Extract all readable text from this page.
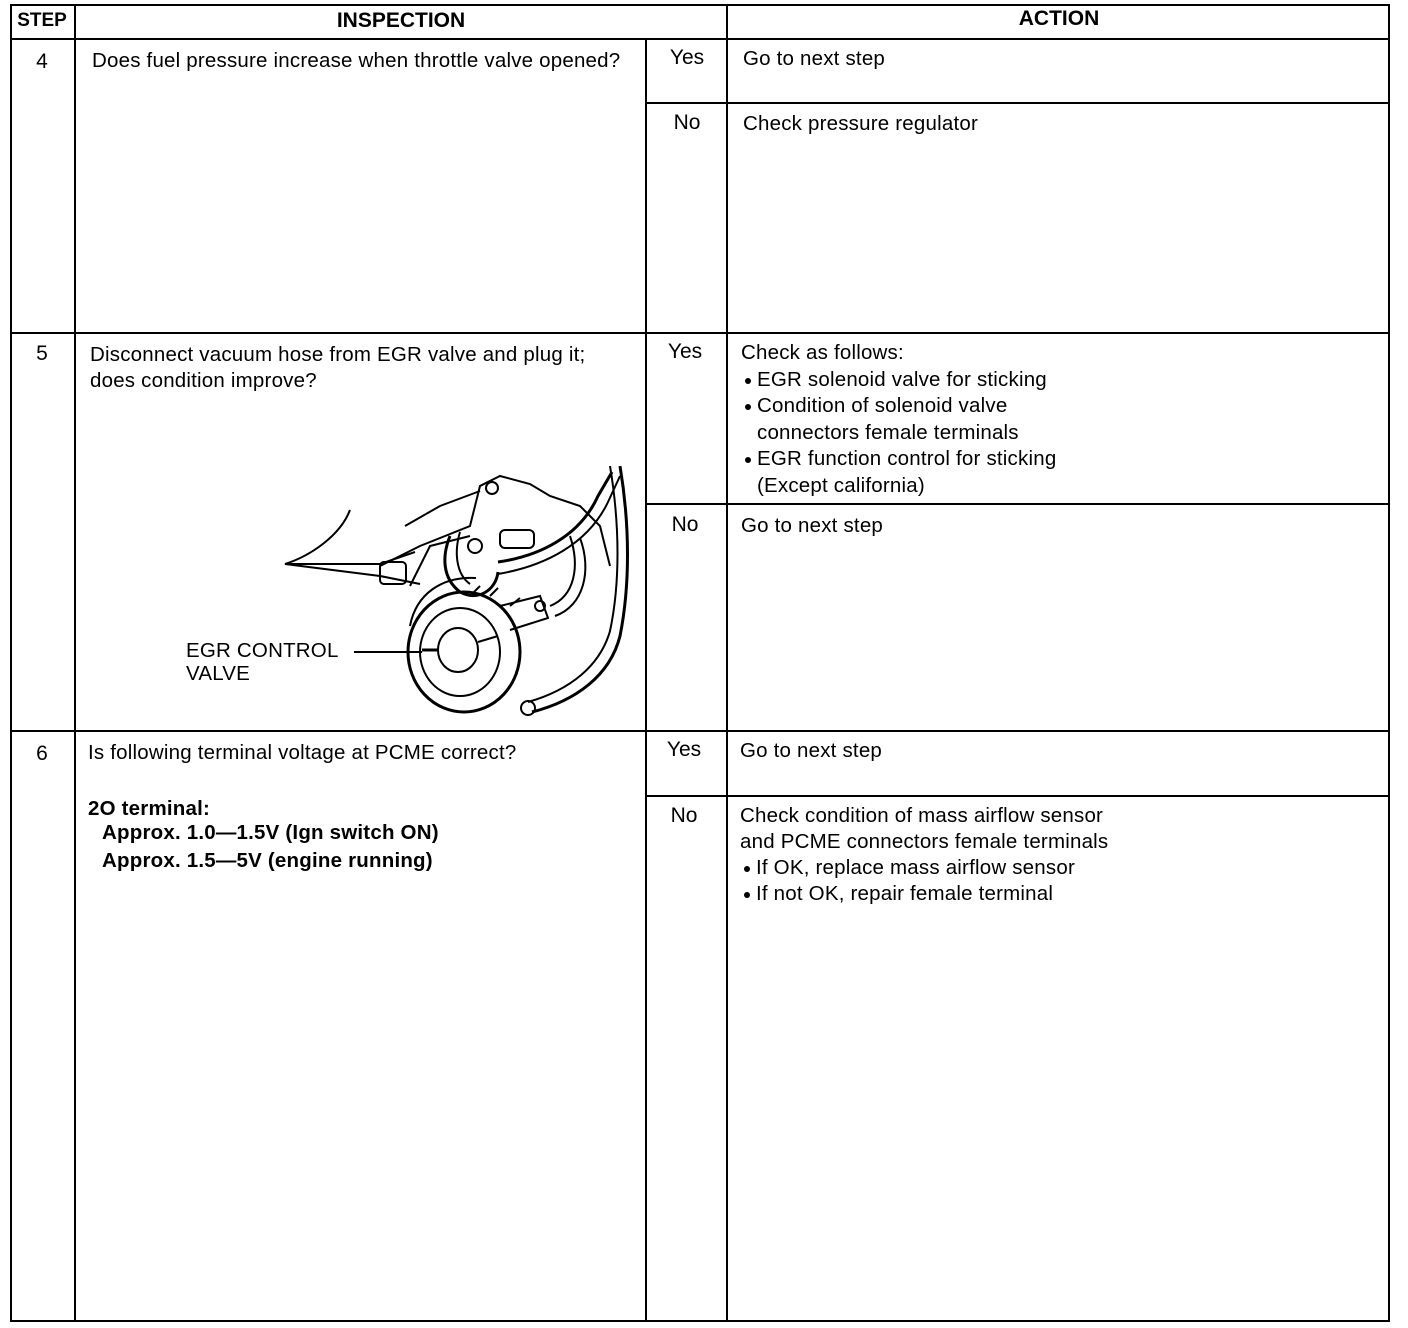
STEP	INSPECTION	ACTION
4	Does fuel pressure increase when throttle valve opened?	Yes	Go to next step
No	Check pressure regulator
5	Disconnect vacuum hose from EGR valve and plug it; does condition improve?
EGR CONTROL
VALVE
Yes	Check as follows:
EGR solenoid valve for sticking
Condition of solenoid valve
connectors female terminals
EGR function control for sticking
(Except california)
No	Go to next step
6	Is following terminal voltage at PCME correct?
2O terminal:
Approx. 1.0—1.5V (Ign switch ON)
Approx. 1.5—5V (engine running)
Yes	Go to next step
No	Check condition of mass airflow sensor
and PCME connectors female terminals
If OK, replace mass airflow sensor
If not OK, repair female terminal
